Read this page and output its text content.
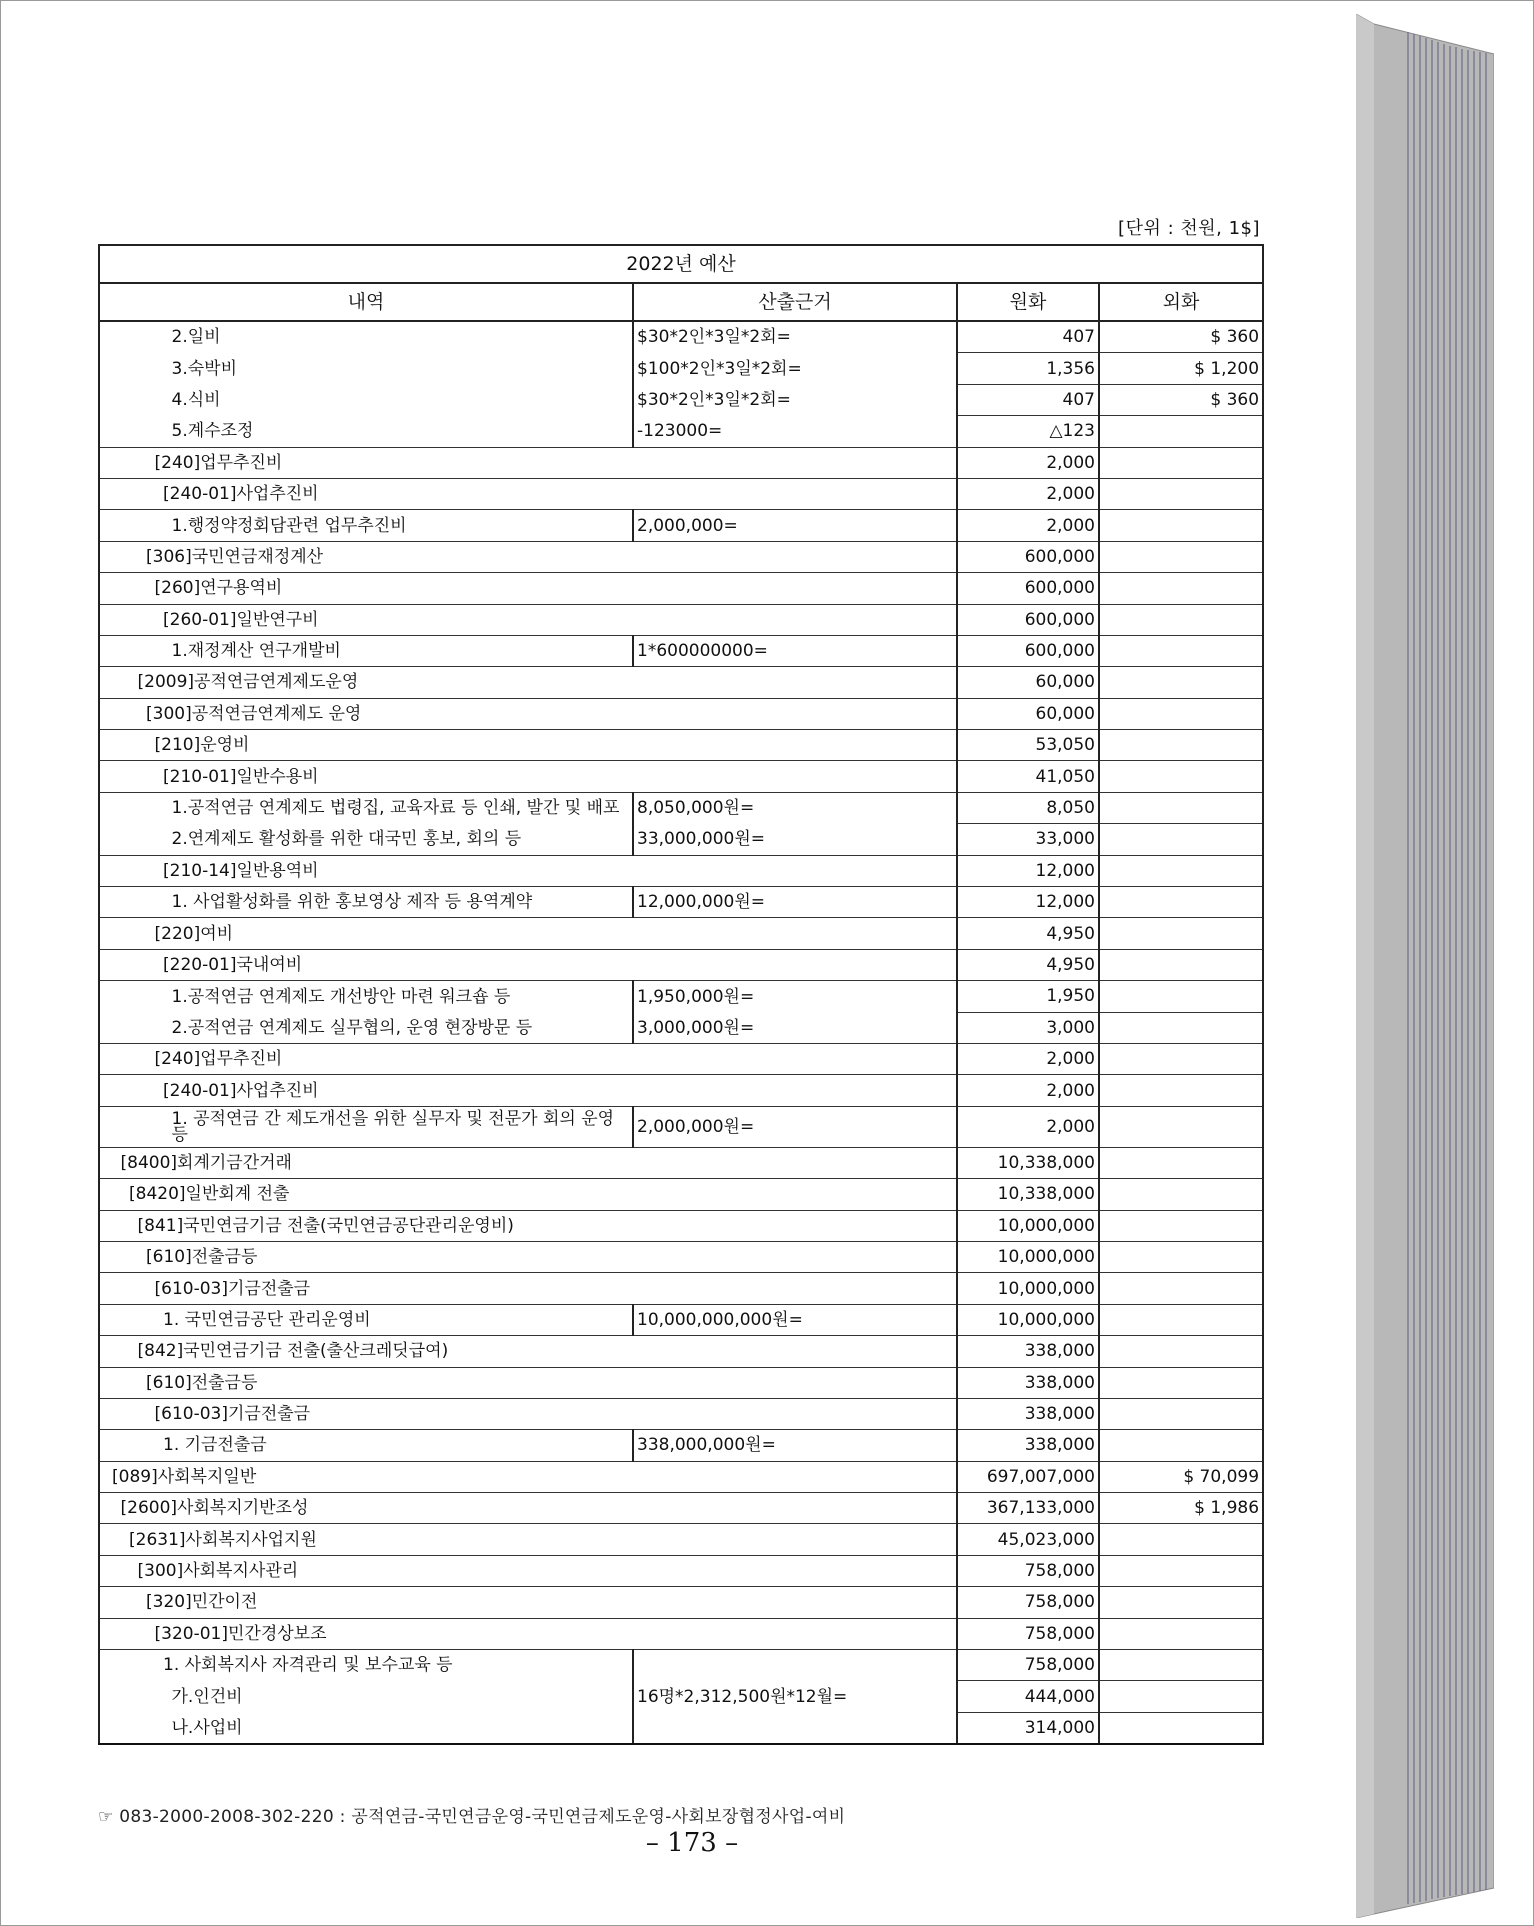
[단위 : 천원, 1$]
2022년 예산			
내역	산출근거	원화	외화
2.일비	$30*2인*3일*2회=	407	$ 360
3.숙박비	$100*2인*3일*2회=	1,356	$ 1,200
4.식비	$30*2인*3일*2회=	407	$ 360
5.계수조정	-123000=	△123	
[240]업무추진비		2,000	
[240-01]사업추진비		2,000	
1.행정약정회담관련 업무추진비	2,000,000=	2,000	
[306]국민연금재정계산		600,000	
[260]연구용역비		600,000	
[260-01]일반연구비		600,000	
1.재정계산 연구개발비	1*600000000=	600,000	
[2009]공적연금연계제도운영		60,000	
[300]공적연금연계제도 운영		60,000	
[210]운영비		53,050	
[210-01]일반수용비		41,050	
1.공적연금 연계제도 법령집, 교육자료 등 인쇄, 발간 및 배포	8,050,000원=	8,050	
2.연계제도 활성화를 위한 대국민 홍보, 회의 등	33,000,000원=	33,000	
[210-14]일반용역비		12,000	
1. 사업활성화를 위한 홍보영상 제작 등 용역계약	12,000,000원=	12,000	
[220]여비		4,950	
[220-01]국내여비		4,950	
1.공적연금 연계제도 개선방안 마련 워크숍 등	1,950,000원=	1,950	
2.공적연금 연계제도 실무협의, 운영 현장방문 등	3,000,000원=	3,000	
[240]업무추진비		2,000	
[240-01]사업추진비		2,000	
1. 공적연금 간 제도개선을 위한 실무자 및 전문가 회의 운영 등	2,000,000원=	2,000	
[8400]회계기금간거래		10,338,000	
[8420]일반회계 전출		10,338,000	
[841]국민연금기금 전출(국민연금공단관리운영비)		10,000,000	
[610]전출금등		10,000,000	
[610-03]기금전출금		10,000,000	
1. 국민연금공단 관리운영비	10,000,000,000원=	10,000,000	
[842]국민연금기금 전출(출산크레딧급여)		338,000	
[610]전출금등		338,000	
[610-03]기금전출금		338,000	
1. 기금전출금	338,000,000원=	338,000	
[089]사회복지일반		697,007,000	$ 70,099
[2600]사회복지기반조성		367,133,000	$ 1,986
[2631]사회복지사업지원		45,023,000	
[300]사회복지사관리		758,000	
[320]민간이전		758,000	
[320-01]민간경상보조		758,000	
1. 사회복지사 자격관리 및 보수교육 등		758,000	
가.인건비	16명*2,312,500원*12월=	444,000	
나.사업비		314,000	
☞ 083-2000-2008-302-220 : 공적연금-국민연금운영-국민연금제도운영-사회보장협정사업-여비
– 173 –
